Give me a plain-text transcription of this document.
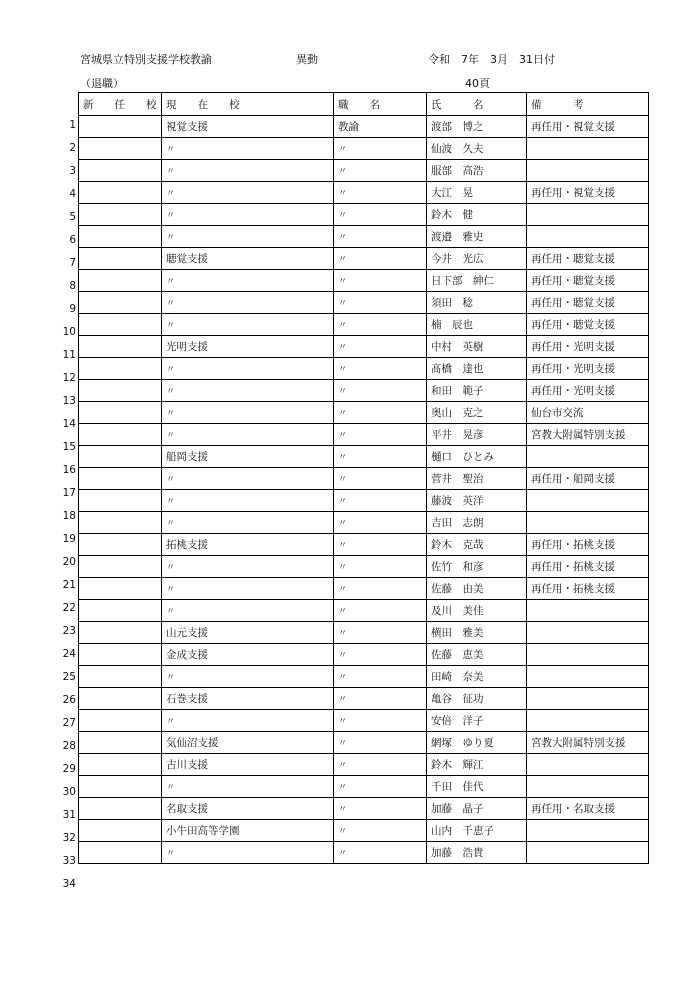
宮城県立特別支援学校教諭	異動	令和　7年　3月　31日付
（退職）	40頁
1
2
3
4
5
6
7
8
9
10
11
12
13
14
15
16
17
18
19
20
21
22
23
24
25
26
27
28
29
30
31
32
33
34
新　　任　　校	現　　在　　校	職　　名	氏　　　名	備　　　考
	視覚支援	教諭	渡部　博之	再任用・視覚支援
	〃	〃	仙波　久夫	
	〃	〃	服部　高浩	
	〃	〃	大江　晃	再任用・視覚支援
	〃	〃	鈴木　健	
	〃	〃	渡邉　雅史	
	聴覚支援	〃	今井　光広	再任用・聴覚支援
	〃	〃	日下部　紳仁	再任用・聴覚支援
	〃	〃	須田　稔	再任用・聴覚支援
	〃	〃	楠　辰也	再任用・聴覚支援
	光明支援	〃	中村　英樹	再任用・光明支援
	〃	〃	髙橋　達也	再任用・光明支援
	〃	〃	和田　範子	再任用・光明支援
	〃	〃	奥山　克之	仙台市交流
	〃	〃	平井　晃彦	宮教大附属特別支援
	船岡支援	〃	樋口　ひとみ	
	〃	〃	菅井　聖治	再任用・船岡支援
	〃	〃	藤波　英洋	
	〃	〃	吉田　志朗	
	拓桃支援	〃	鈴木　克哉	再任用・拓桃支援
	〃	〃	佐竹　和彦	再任用・拓桃支援
	〃	〃	佐藤　由美	再任用・拓桃支援
	〃	〃	及川　美佳	
	山元支援	〃	横田　雅美	
	金成支援	〃	佐藤　恵美	
	〃	〃	田崎　奈美	
	石巻支援	〃	亀谷　征功	
	〃	〃	安倍　洋子	
	気仙沼支援	〃	網塚　ゆり夏	宮教大附属特別支援
	古川支援	〃	鈴木　輝江	
	〃	〃	千田　佳代	
	名取支援	〃	加藤　晶子	再任用・名取支援
	小牛田高等学園	〃	山内　千恵子	
	〃	〃	加藤　浩貴	
